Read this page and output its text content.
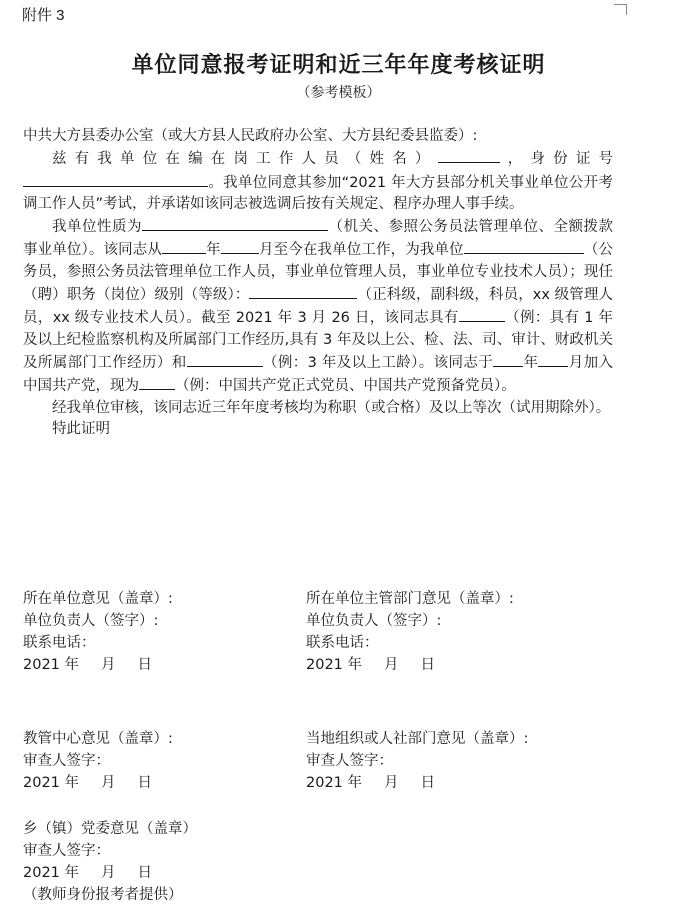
附件 3
单位同意报考证明和近三年年度考核证明
（参考模板）

中共大方县委办公室（或大方县人民政府办公室、大方县纪委县监委）:

兹有我单位在编在岗工作人员（姓名）	，身份证号。我单位同意其参加“2021 年大方县部分机关事业单位公开考调工作人员”考试，并承诺如该同志被选调后按有关规定、程序办理人事手续。

我单位性质为	（机关、参照公务员法管理单位、全额拨款事业单位）。该同志从	年	月至今在我单位工作，为我单位	（公务员，参照公务员法管理单位工作人员，事业单位管理人员，事业单位专业技术人员）；现任（聘）职务（岗位）级别（等级）：	（正科级，副科级，科员，xx 级管理人员，xx 级专业技术人员）。截至 2021 年 3 月 26 日，该同志具有	（例：具有 1 年及以上纪检监察机构及所属部门工作经历,具有 3 年及以上公、检、法、司、审计、财政机关及所属部门工作经历）和	（例：3 年及以上工龄）。该同志于 年 月加入中国共产党，现为 （例：中国共产党正式党员、中国共产党预备党员）。

经我单位审核，该同志近三年年度考核均为称职（或合格）及以上等次（试用期除外）。

特此证明

所在单位意见（盖章）:
单位负责人（签字）:
联系电话：
2021 年 月 日
所在单位主管部门意见（盖章）:
单位负责人（签字）:
联系电话：
2021 年 月 日
教管中心意见（盖章）:
审查人签字：
2021 年 月 日
当地组织或人社部门意见（盖章）:
审查人签字：
2021 年 月 日
乡（镇）党委意见（盖章）
审查人签字：
2021 年 月 日
（教师身份报考者提供）
